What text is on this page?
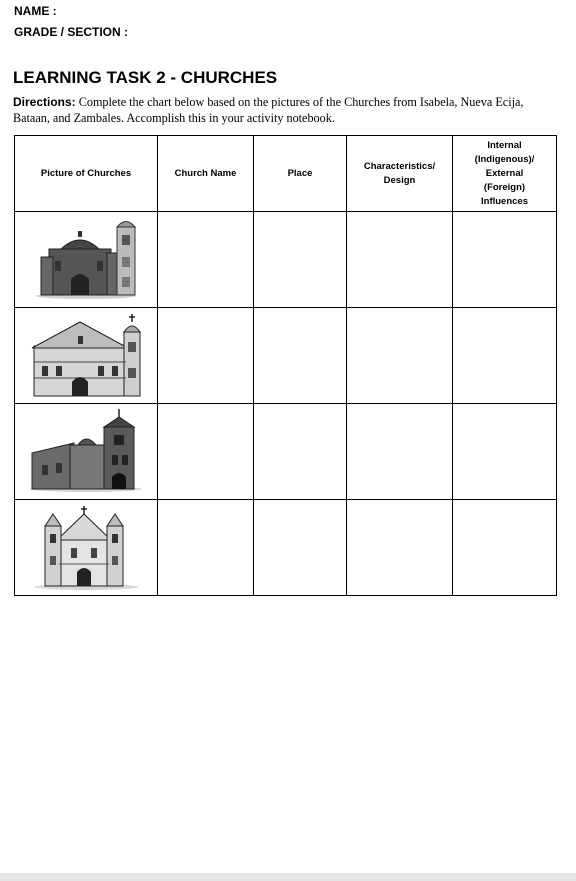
NAME :
GRADE / SECTION :
LEARNING TASK 2 - CHURCHES
Directions: Complete the chart below based on the pictures of the Churches from Isabela, Nueva Ecija, Bataan, and Zambales. Accomplish this in your activity notebook.
Picture of Churches	Church Name	Place	Characteristics/ Design	Internal (Indigenous)/ External (Foreign) Influences
